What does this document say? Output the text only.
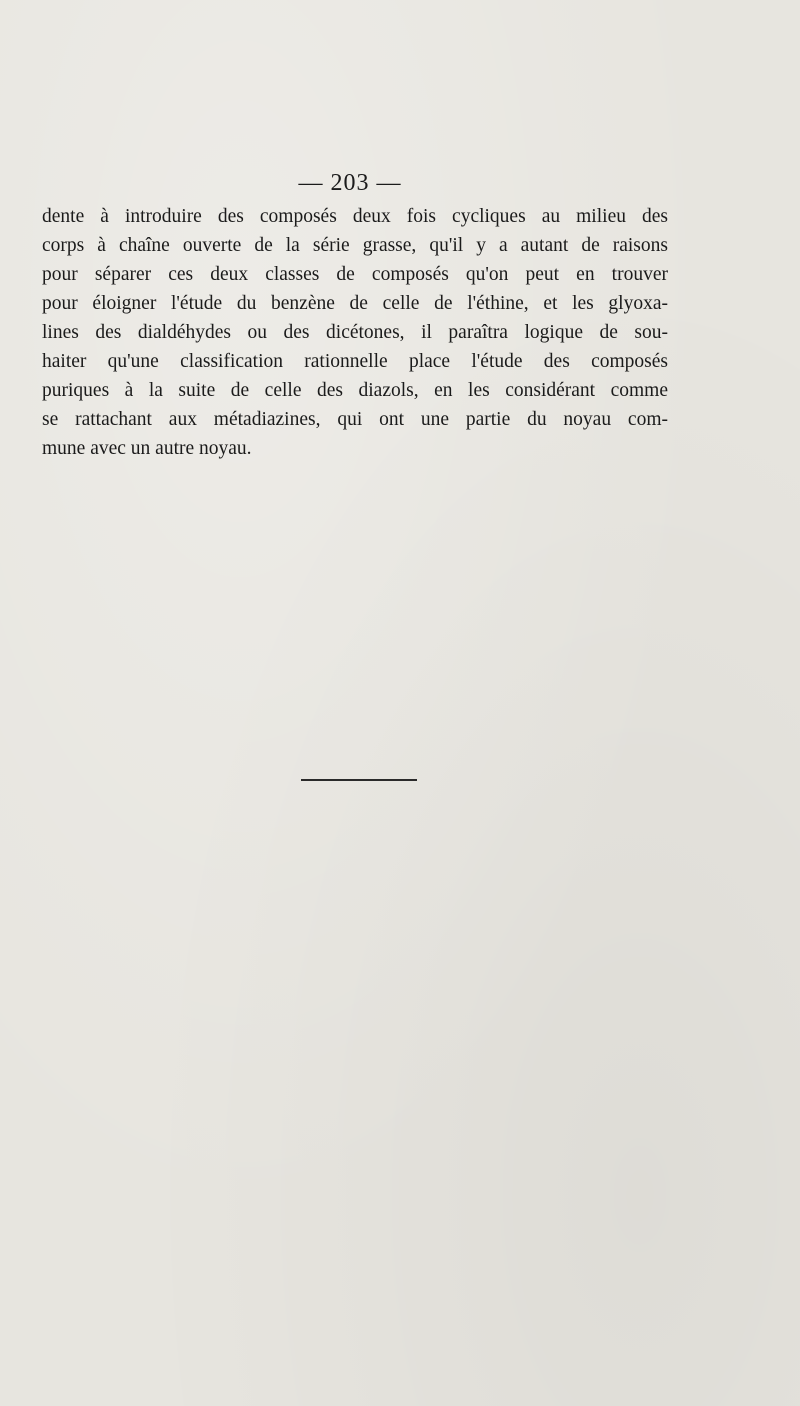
— 203 —
dente à introduire des composés deux fois cycliques au milieu des
corps à chaîne ouverte de la série grasse, qu'il y a autant de raisons
pour séparer ces deux classes de composés qu'on peut en trouver
pour éloigner l'étude du benzène de celle de l'éthine, et les glyoxa-
lines des dialdéhydes ou des dicétones, il paraîtra logique de sou-
haiter qu'une classification rationnelle place l'étude des composés
puriques à la suite de celle des diazols, en les considérant comme
se rattachant aux métadiazines, qui ont une partie du noyau com-
mune avec un autre noyau.
